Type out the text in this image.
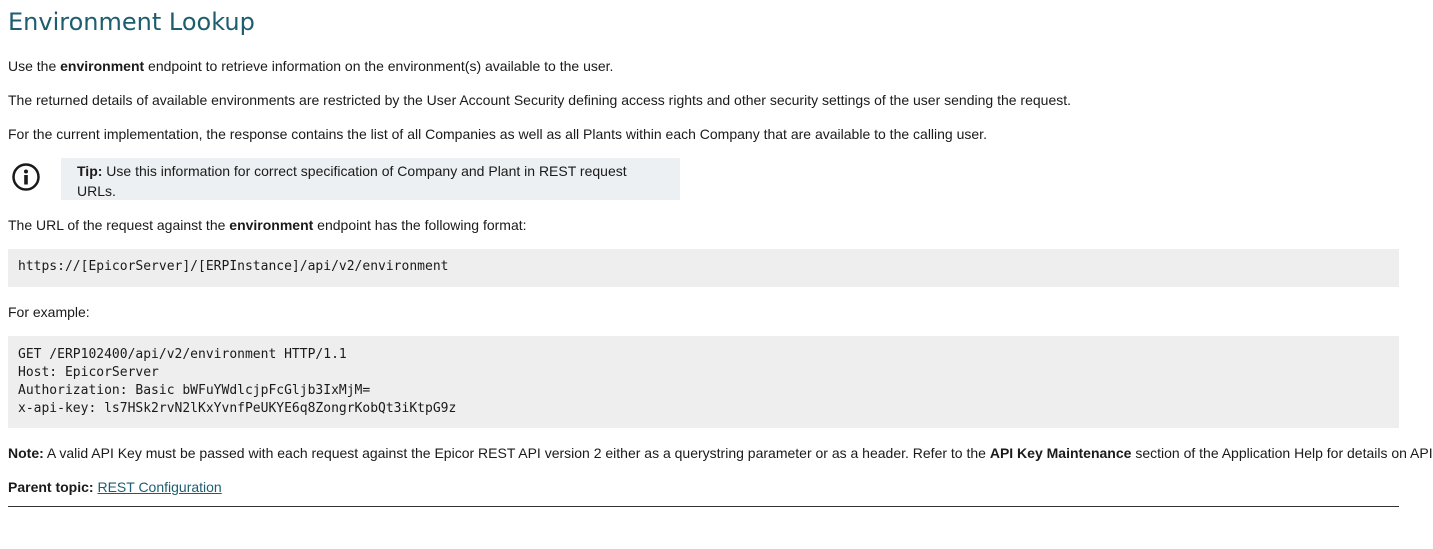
Environment Lookup

Use the environment endpoint to retrieve information on the environment(s) available to the user.

The returned details of available environments are restricted by the User Account Security defining access rights and other security settings of the user sending the request.

For the current implementation, the response contains the list of all Companies as well as all Plants within each Company that are available to the calling user.

Tip: Use this information for correct specification of Company and Plant in REST request URLs.

The URL of the request against the environment endpoint has the following format:

https://[EpicorServer]/[ERPInstance]/api/v2/environment

For example:

GET /ERP102400/api/v2/environment HTTP/1.1
Host: EpicorServer
Authorization: Basic bWFuYWdlcjpFcGljb3IxMjM=
x-api-key: ls7HSk2rvN2lKxYvnfPeUKYE6q8ZongrKobQt3iKtpG9z

Note: A valid API Key must be passed with each request against the Epicor REST API version 2 either as a querystring parameter or as a header. Refer to the API Key Maintenance section of the Application Help for details on API

Parent topic: REST Configuration
